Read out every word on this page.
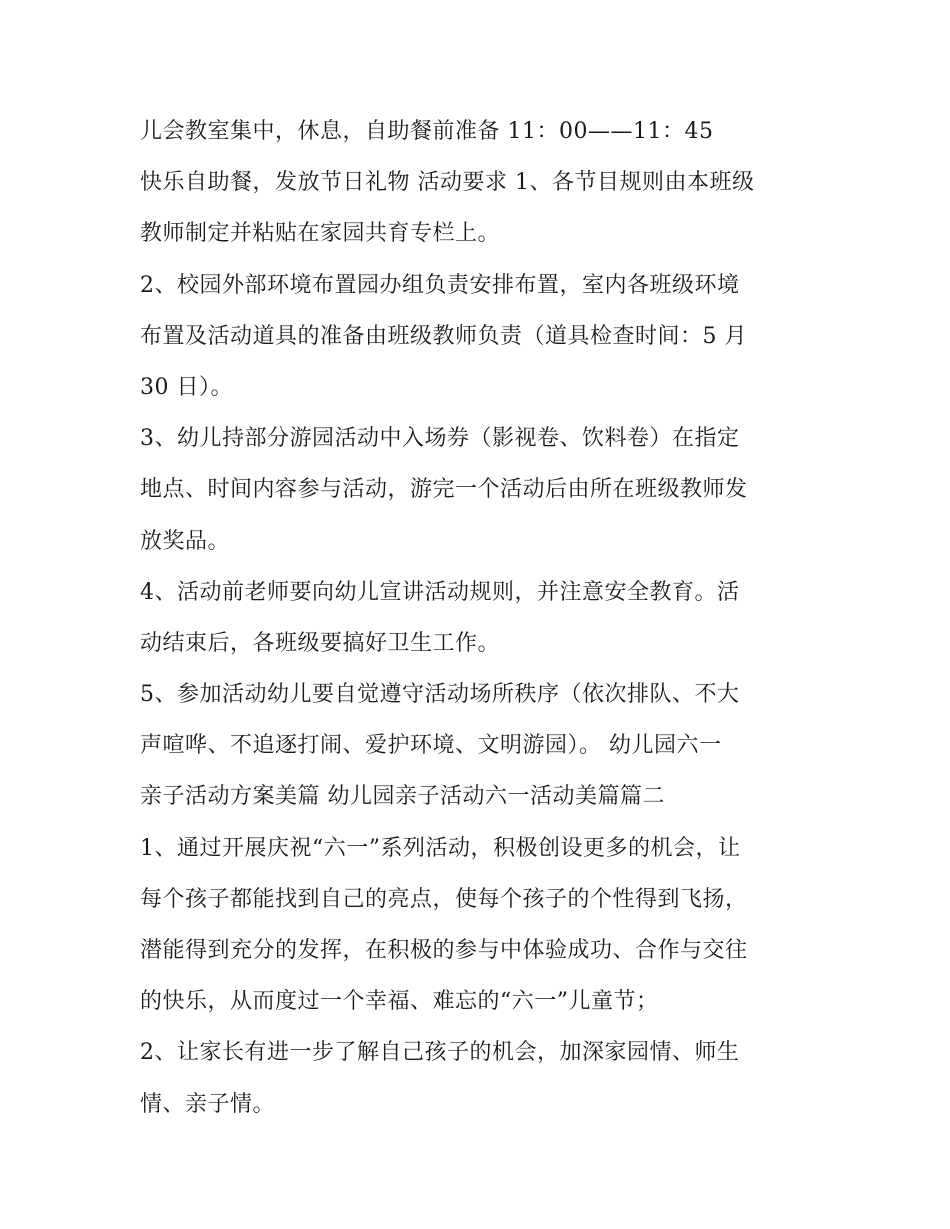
儿会教室集中，休息，自助餐前准备 11：00——11：45
快乐自助餐，发放节日礼物 活动要求 1、各节目规则由本班级
教师制定并粘贴在家园共育专栏上。
2、校园外部环境布置园办组负责安排布置，室内各班级环境
布置及活动道具的准备由班级教师负责（道具检查时间：5 月
30 日）。
3、幼儿持部分游园活动中入场券（影视卷、饮料卷）在指定
地点、时间内容参与活动，游完一个活动后由所在班级教师发
放奖品。
4、活动前老师要向幼儿宣讲活动规则，并注意安全教育。活
动结束后，各班级要搞好卫生工作。
5、参加活动幼儿要自觉遵守活动场所秩序（依次排队、不大
声喧哗、不追逐打闹、爱护环境、文明游园）。 幼儿园六一
亲子活动方案美篇 幼儿园亲子活动六一活动美篇篇二
1、通过开展庆祝“六一”系列活动，积极创设更多的机会，让
每个孩子都能找到自己的亮点，使每个孩子的个性得到飞扬，
潜能得到充分的发挥，在积极的参与中体验成功、合作与交往
的快乐，从而度过一个幸福、难忘的“六一”儿童节；
2、让家长有进一步了解自己孩子的机会，加深家园情、师生
情、亲子情。
